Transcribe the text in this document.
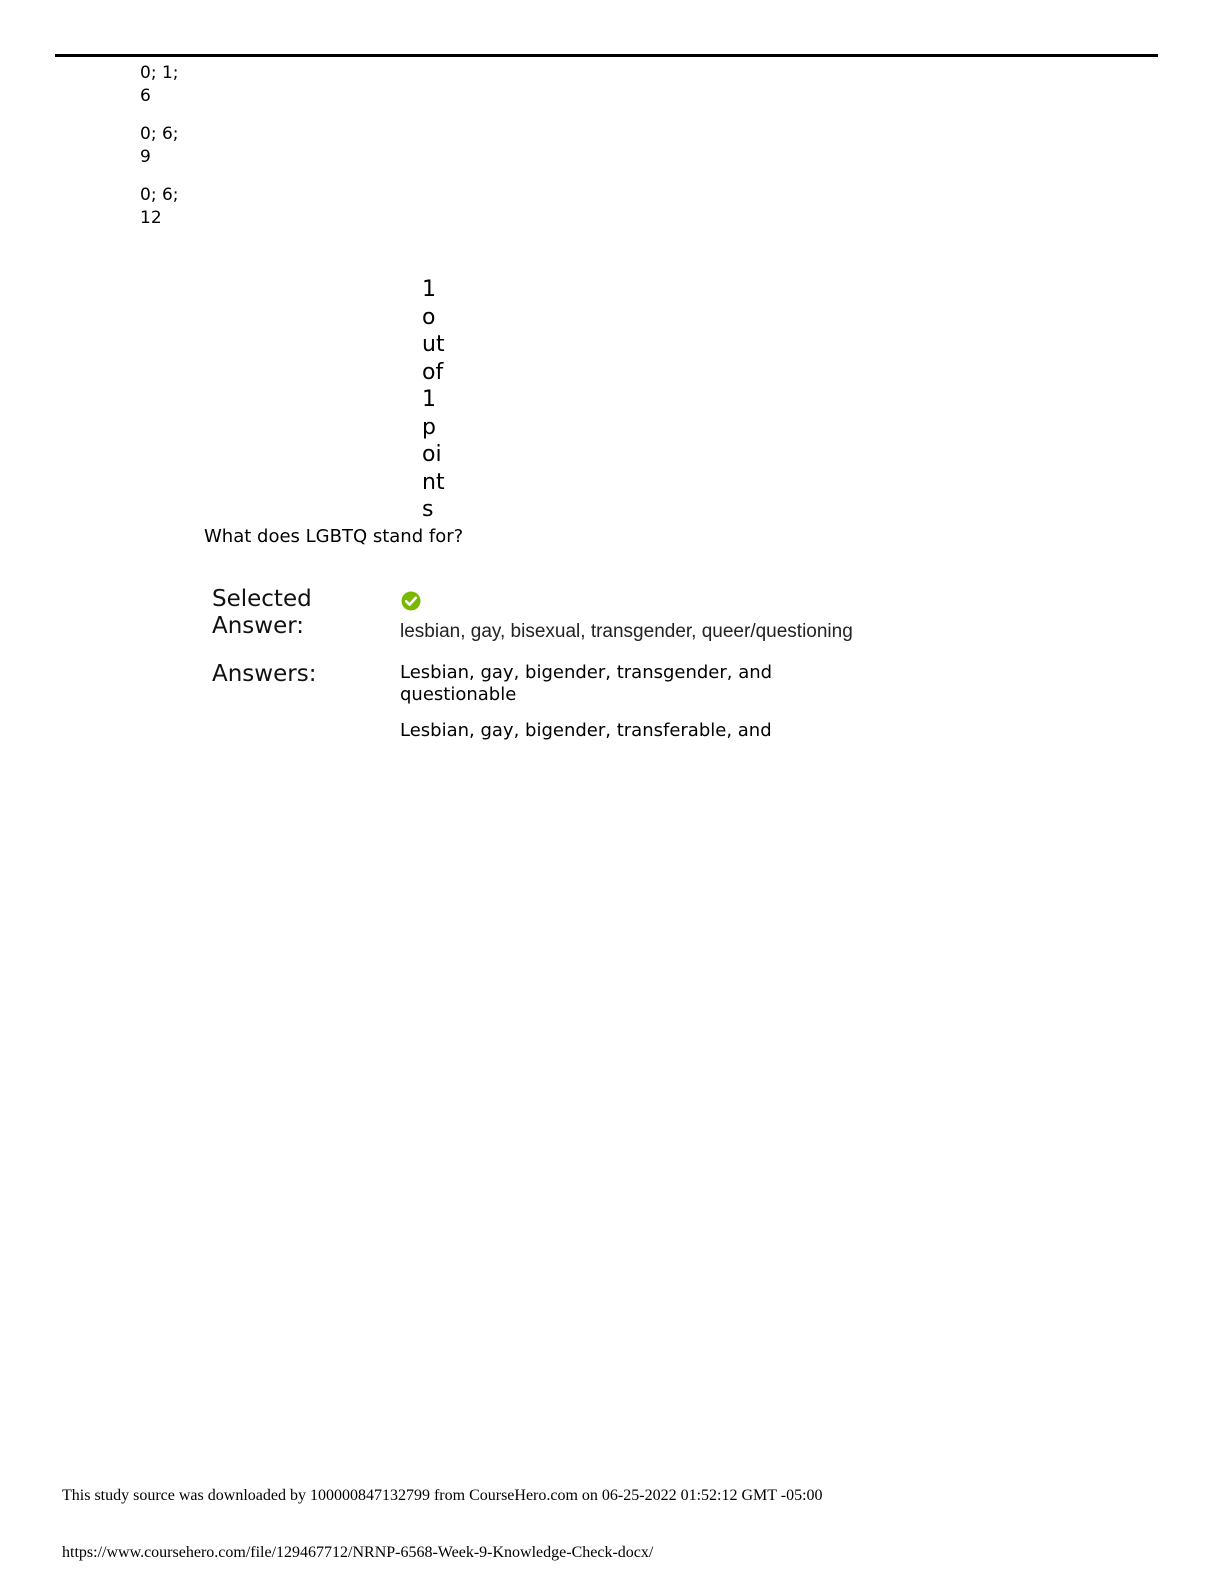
0; 1;
6
0; 6;
9
0; 6;
12
1
o
ut
of
1
p
oi
nt
s
What does LGBTQ stand for?
Selected
Answer:	lesbian, gay, bisexual, transgender, queer/questioning
Answers:	Lesbian, gay, bigender, transgender, and questionable
Lesbian, gay, bigender, transferable, and
This study source was downloaded by 100000847132799 from CourseHero.com on 06-25-2022 01:52:12 GMT -05:00
https://www.coursehero.com/file/129467712/NRNP-6568-Week-9-Knowledge-Check-docx/
